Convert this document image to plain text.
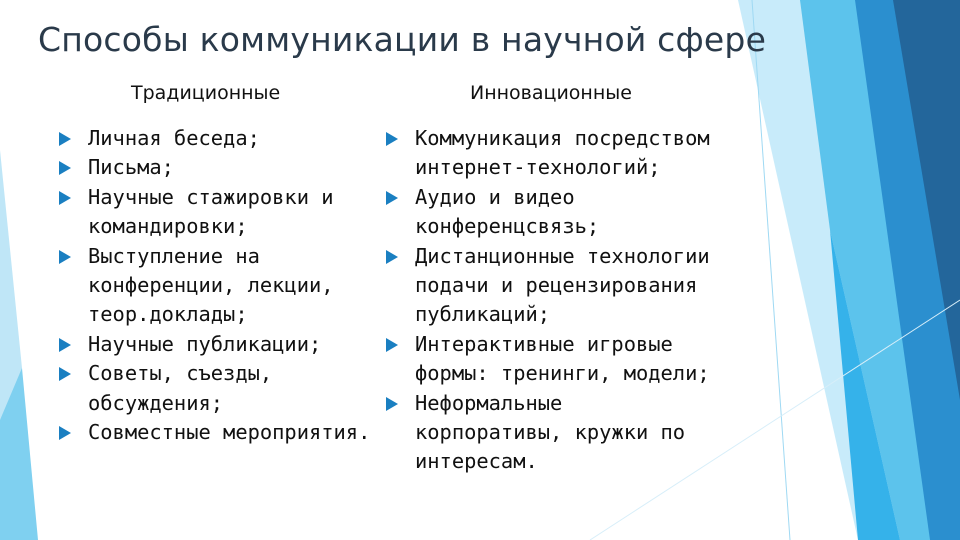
Способы коммуникации в научной сфере
Традиционные	Инновационные
Личная беседа;
Письма;
Научные стажировки и
командировки;
Выступление на
конференции, лекции,
теор.доклады;
Научные публикации;
Советы, съезды,
обсуждения;
Совместные мероприятия.
Коммуникация посредством
интернет-технологий;
Аудио и видео
конференцсвязь;
Дистанционные технологии
подачи и рецензирования
публикаций;
Интерактивные игровые
формы: тренинги, модели;
Неформальные
корпоративы, кружки по
интересам.
